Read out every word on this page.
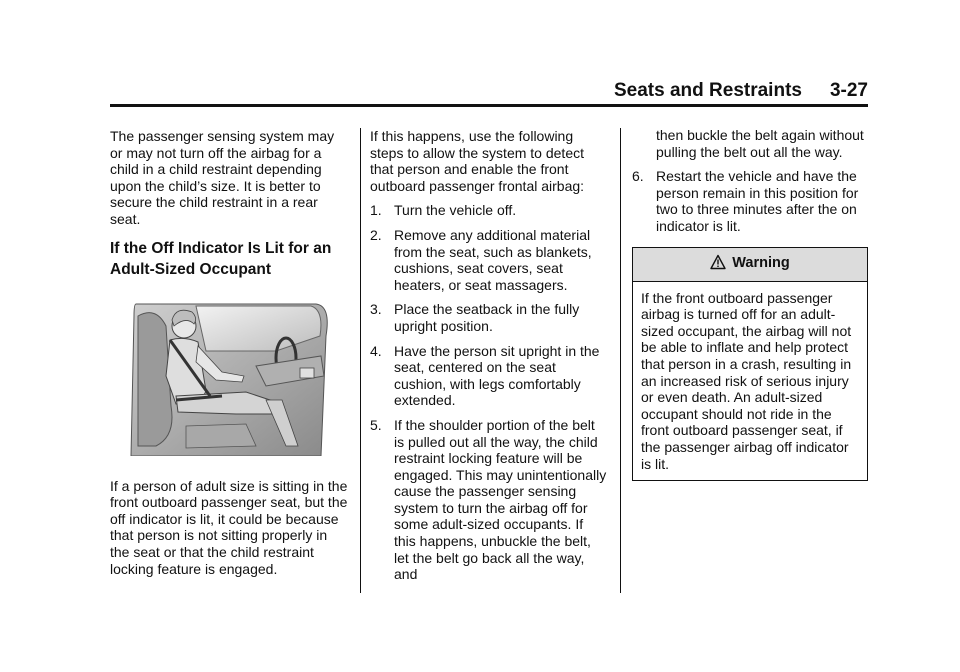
Seats and Restraints 3-27

The passenger sensing system may or may not turn off the airbag for a child in a child restraint depending upon the child’s size. It is better to secure the child restraint in a rear seat.

If the Off Indicator Is Lit for an Adult-Sized Occupant

If a person of adult size is sitting in the front outboard passenger seat, but the off indicator is lit, it could be because that person is not sitting properly in the seat or that the child restraint locking feature is engaged.

If this happens, use the following steps to allow the system to detect that person and enable the front outboard passenger frontal airbag:

1. Turn the vehicle off.
2. Remove any additional material from the seat, such as blankets, cushions, seat covers, seat heaters, or seat massagers.
3. Place the seatback in the fully upright position.
4. Have the person sit upright in the seat, centered on the seat cushion, with legs comfortably extended.
5. If the shoulder portion of the belt is pulled out all the way, the child restraint locking feature will be engaged. This may unintentionally cause the passenger sensing system to turn the airbag off for some adult-sized occupants. If this happens, unbuckle the belt, let the belt go back all the way, and

then buckle the belt again without pulling the belt out all the way.

6. Restart the vehicle and have the person remain in this position for two to three minutes after the on indicator is lit.
Warning
If the front outboard passenger airbag is turned off for an adult-sized occupant, the airbag will not be able to inflate and help protect that person in a crash, resulting in an increased risk of serious injury or even death. An adult-sized occupant should not ride in the front outboard passenger seat, if the passenger airbag off indicator is lit.
